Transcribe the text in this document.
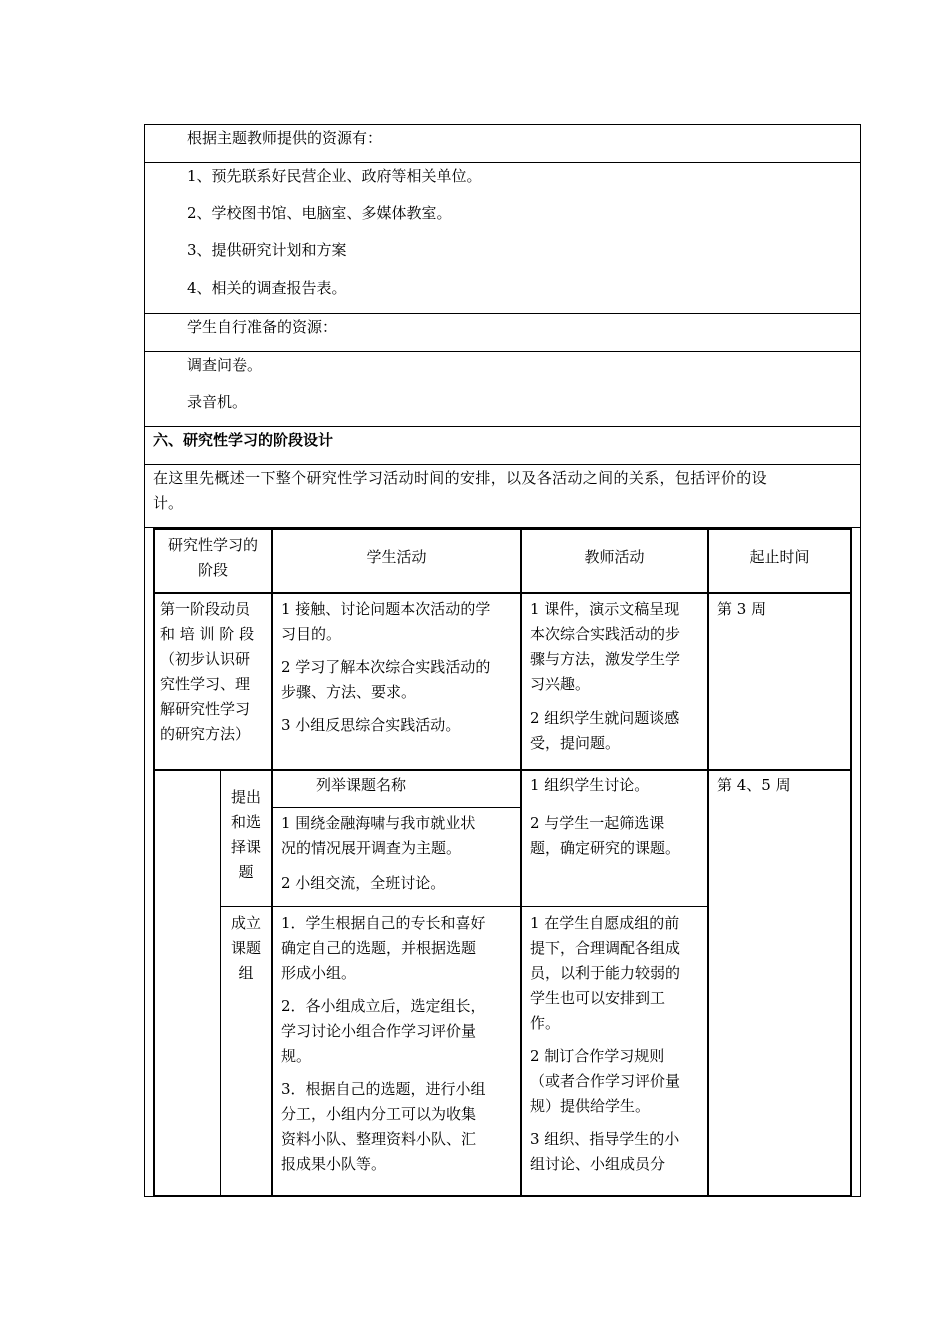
根据主题教师提供的资源有：
1、预先联系好民营企业、政府等相关单位。
2、学校图书馆、电脑室、多媒体教室。
3、提供研究计划和方案
4、相关的调查报告表。
学生自行准备的资源：
调查问卷。
录音机。
六、研究性学习的阶段设计
在这里先概述一下整个研究性学习活动时间的安排，以及各活动之间的关系，包括评价的设
计。

研究性学习的

阶段

学生活动	教师活动	起止时间

第一阶段动员

和 培 训 阶 段

（初步认识研

究性学习、理

解研究性学习

的研究方法）

1 接触、讨论问题本次活动的学

习目的。

2 学习了解本次综合实践活动的

步骤、方法、要求。

3 小组反思综合实践活动。

1 课件，演示文稿呈现

本次综合实践活动的步

骤与方法，激发学生学

习兴趣。

2 组织学生就问题谈感

受，提问题。

第 3 周

提出

和选

择课

题

列举课题名称

1 围绕金融海啸与我市就业状

况的情况展开调查为主题。

2 小组交流，全班讨论。

1 组织学生讨论。

2 与学生一起筛选课

题，确定研究的课题。

第 4、5 周

成立

课题

组

1．学生根据自己的专长和喜好

确定自己的选题，并根据选题

形成小组。

2．各小组成立后，选定组长，

学习讨论小组合作学习评价量

规。

3．根据自己的选题，进行小组

分工，小组内分工可以为收集

资料小队、整理资料小队、汇

报成果小队等。

1 在学生自愿成组的前

提下，合理调配各组成

员，以利于能力较弱的

学生也可以安排到工

作。

2 制订合作学习规则

（或者合作学习评价量

规）提供给学生。

3 组织、指导学生的小

组讨论、小组成员分
